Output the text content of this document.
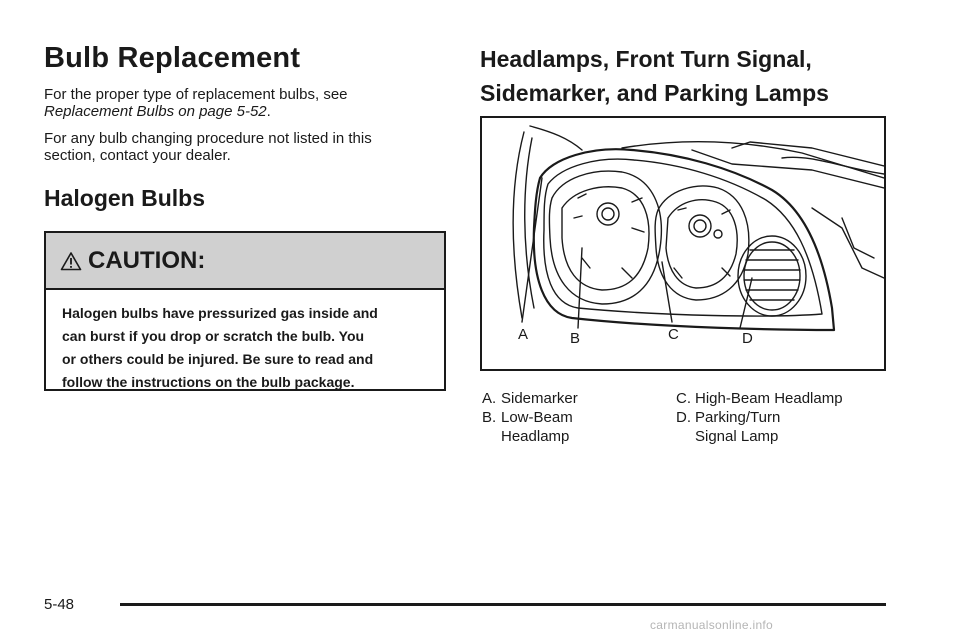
Bulb Replacement
For the proper type of replacement bulbs, see
Replacement Bulbs on page 5-52.
For any bulb changing procedure not listed in this
section, contact your dealer.
Halogen Bulbs
CAUTION:
Halogen bulbs have pressurized gas inside and
can burst if you drop or scratch the bulb. You
or others could be injured. Be sure to read and
follow the instructions on the bulb package.
Headlamps, Front Turn Signal,
Sidemarker, and Parking Lamps
A	B	C	D
A. Sidemarker
B. Low-Beam
Headlamp
C. High-Beam Headlamp
D. Parking/Turn
Signal Lamp
5-48
carmanualsonline.info
